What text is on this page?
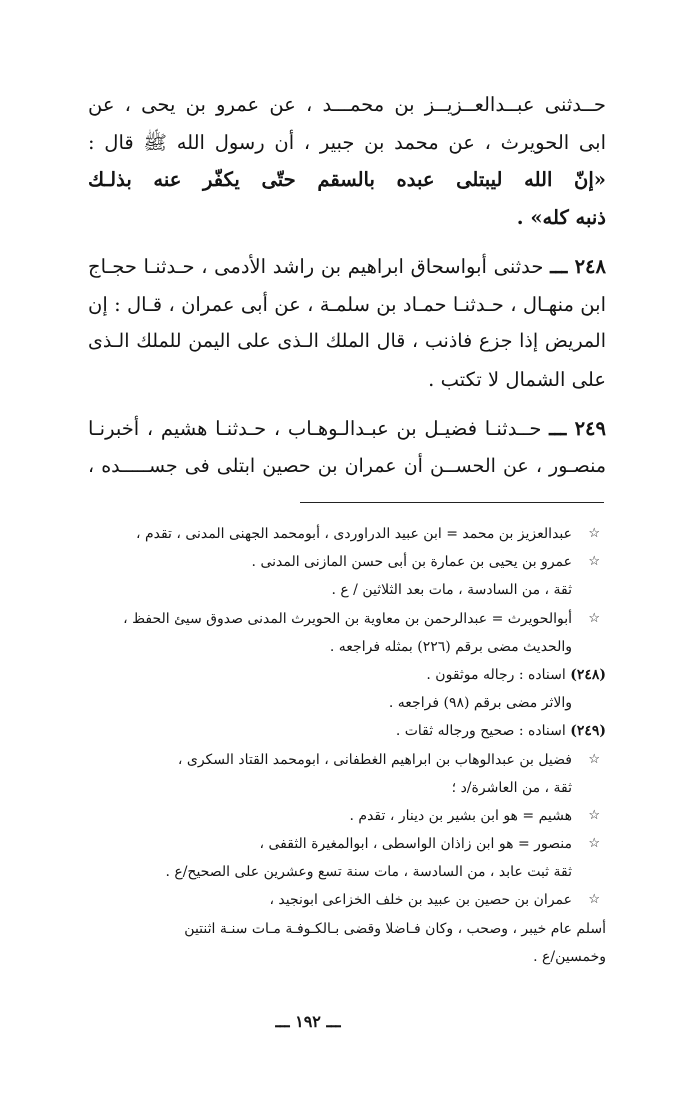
حــدثنى عبــدالعــزيــز بن محمـــد ، عن عمرو بن يحى ، عن
ابى الحويرث ، عن محمد بن جبير ، أن رسول الله ﷺ قال :
«إنّ الله ليبتلى عبده بالسقم حتّى يكفّر عنه بذلـك
ذنبه كله» .
٢٤٨ ـــ حدثنى أبواسحاق ابراهيم بن راشد الأدمى ، حـدثنـا حجـاج
ابن منهـال ، حـدثنـا حمـاد بن سلمـة ، عن أبى عمران ، قـال : إن
المريض إذا جزع فاذنب ، قال الملك الـذى على اليمن للملك الـذى
على الشمال لا تكتب .
٢٤٩ ـــ حــدثنـا فضيـل بن عبـدالـوهـاب ، حـدثنـا هشيم ، أخبرنـا
منصـور ، عن الحســن أن عمران بن حصين ابتلى فى جســـــده ،
☆
عبدالعزيز بن محمد = ابن عبيد الدراوردى ، أبومحمد الجهنى المدنى ، تقدم ،
☆
عمرو بن يحيى بن عمارة بن أبى حسن المازنى المدنى .
ثقة ، من السادسة ، مات بعد الثلاثين / ع .
☆
أبوالحويرث = عبدالرحمن بن معاوية بن الحويرث المدنى صدوق سيئ الحفظ ،
والحديث مضى برقم (٢٢٦) بمثله فراجعه .
(٢٤٨) اسناده : رجاله موثقون .
والاثر مضى برقم (٩٨) فراجعه .
(٢٤٩) اسناده : صحيح ورجاله ثقات .
☆
فضيل بن عبدالوهاب بن ابراهيم الغطفانى ، ابومحمد القتاد السكرى ،
ثقة ، من العاشرة/د ؛
☆
هشيم = هو ابن بشير بن دينار ، تقدم .
☆
منصور = هو ابن زاذان الواسطى ، ابوالمغيرة الثقفى ،
ثقة ثبت عابد ، من السادسة ، مات سنة تسع وعشرين على الصحيح/ع .
☆
عمران بن حصين بن عبيد بن خلف الخزاعى ابونجيد ،
أسلم عام خيبر ، وصحب ، وكان فـاضلا وقضى بـالكـوفـة مـات سنـة اثنتين
وخمسين/ع .
ـــ ١٩٢ ـــ
